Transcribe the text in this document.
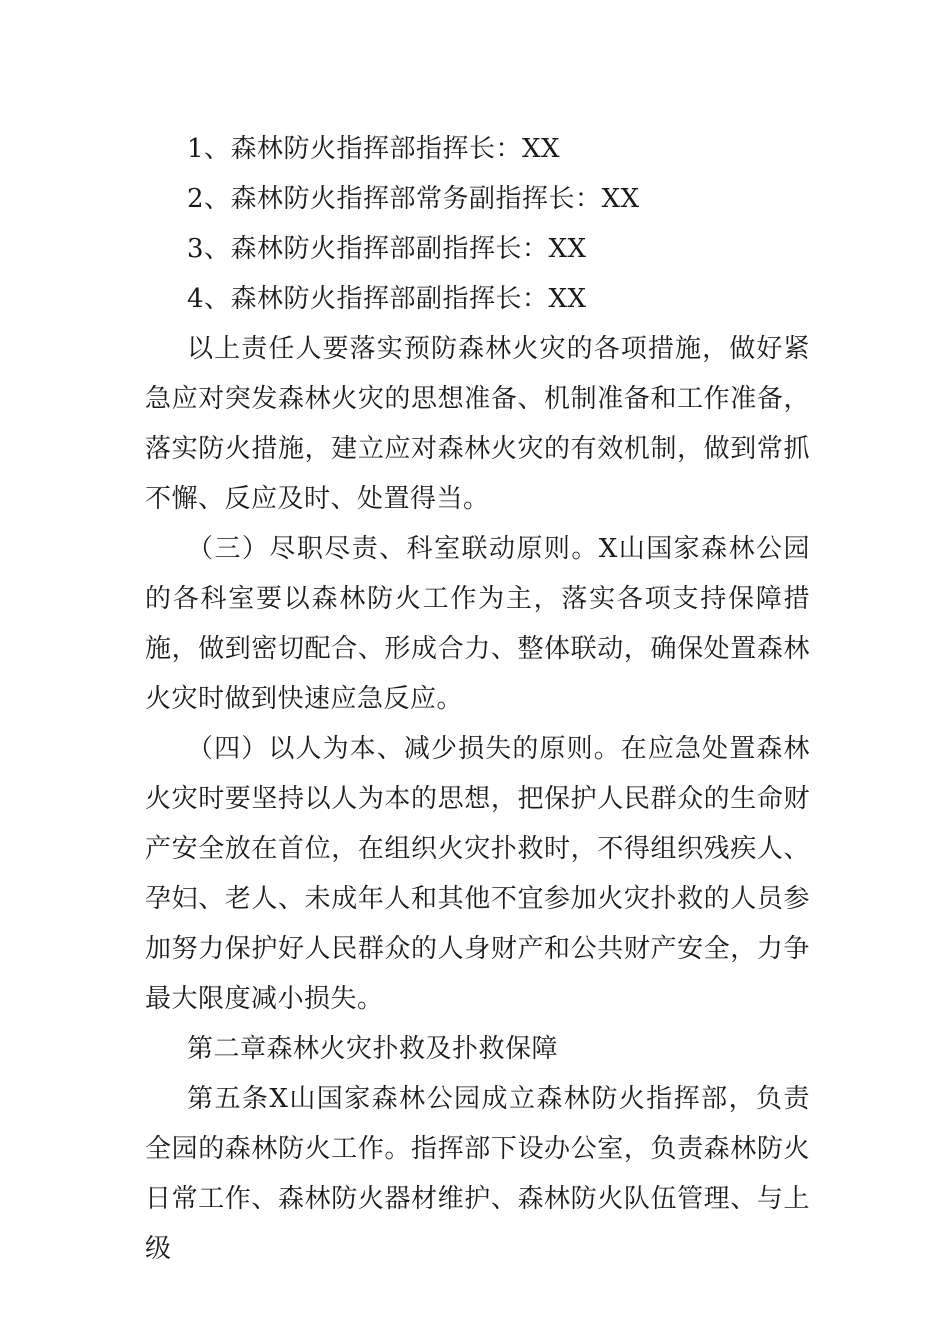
1、森林防火指挥部指挥长：XX

2、森林防火指挥部常务副指挥长：XX

3、森林防火指挥部副指挥长：XX

4、森林防火指挥部副指挥长：XX

以上责任人要落实预防森林火灾的各项措施，做好紧急应对突发森林火灾的思想准备、机制准备和工作准备，落实防火措施，建立应对森林火灾的有效机制，做到常抓不懈、反应及时、处置得当。

（三）尽职尽责、科室联动原则。X山国家森林公园的各科室要以森林防火工作为主，落实各项支持保障措施，做到密切配合、形成合力、整体联动，确保处置森林火灾时做到快速应急反应。

（四）以人为本、减少损失的原则。在应急处置森林火灾时要坚持以人为本的思想，把保护人民群众的生命财产安全放在首位，在组织火灾扑救时，不得组织残疾人、孕妇、老人、未成年人和其他不宜参加火灾扑救的人员参加努力保护好人民群众的人身财产和公共财产安全，力争最大限度减小损失。

第二章森林火灾扑救及扑救保障

第五条X山国家森林公园成立森林防火指挥部，负责全园的森林防火工作。指挥部下设办公室，负责森林防火日常工作、森林防火器材维护、森林防火队伍管理、与上级
